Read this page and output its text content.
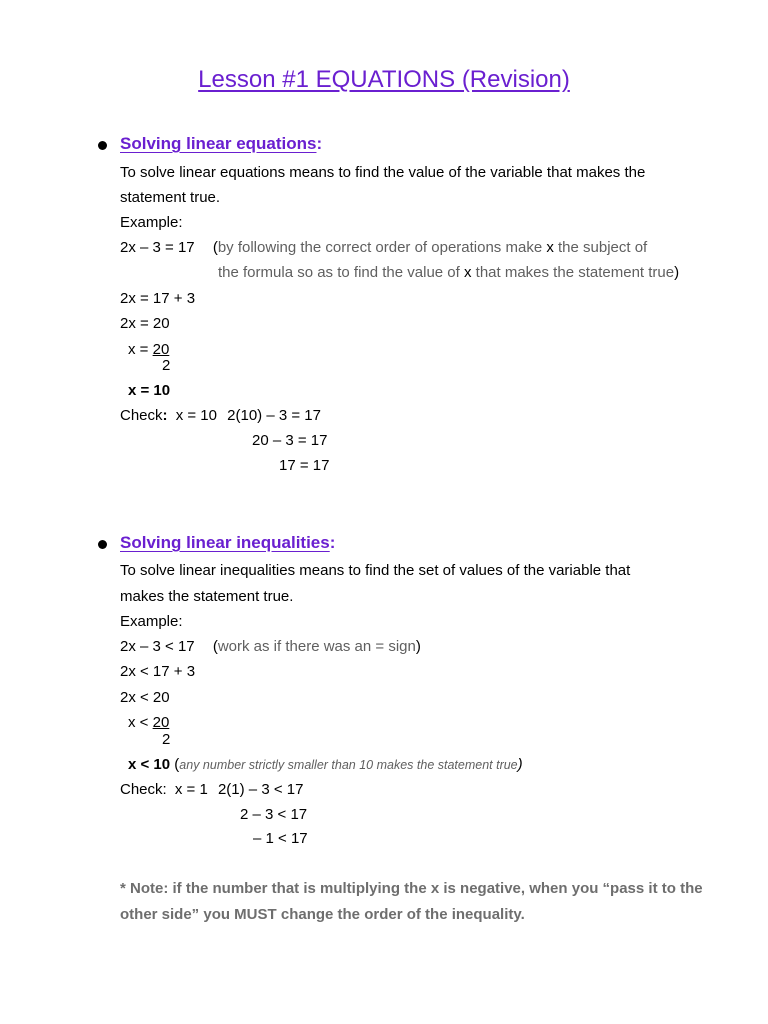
Lesson #1 EQUATIONS (Revision)
Solving linear equations:
To solve linear equations means to find the value of the variable that makes the
statement true.
Example:
2x – 3 = 17 (by following the correct order of operations make x the subject of
the formula so as to find the value of x that makes the statement true)
2x = 17 + 3
2x = 20
x = 20
2
x = 10
Check: x = 10 2(10) – 3 = 17
20 – 3 = 17
17 = 17
Solving linear inequalities:
To solve linear inequalities means to find the set of values of the variable that
makes the statement true.
Example:
2x – 3 < 17 (work as if there was an = sign)
2x < 17 + 3
2x < 20
x < 20
2
x < 10 (any number strictly smaller than 10 makes the statement true)
Check: x = 1 2(1) – 3 < 17
2 – 3 < 17
– 1 < 17
* Note: if the number that is multiplying the x is negative, when you “pass it to the other side” you MUST change the order of the inequality.
